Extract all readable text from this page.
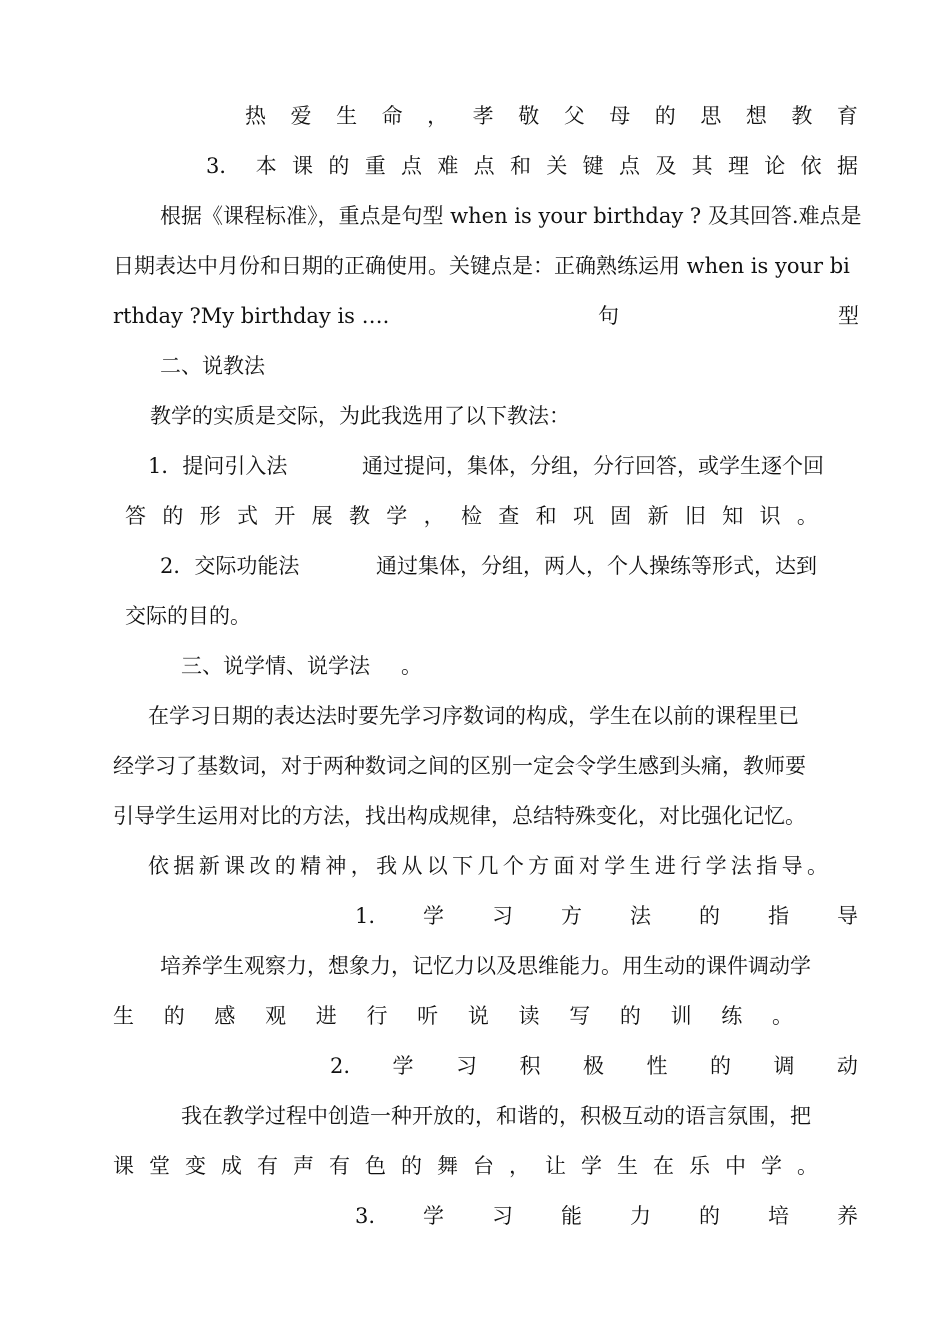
热 爱 生 命 ， 孝 敬 父 母 的 思 想 教 育
3． 本 课 的 重 点 难 点 和 关 键 点 及 其 理 论 依 据
根据《课程标准》，重点是句型 when is your birthday ? 及其回答.难点是
日期表达中月份和日期的正确使用。关键点是：正确熟练运用 when is your bi
rthday ?My birthday is ….	句	型
二、说教法
教学的实质是交际，为此我选用了以下教法：
1．提问引入法	通过提问，集体，分组，分行回答，或学生逐个回
答 的 形 式 开 展 教 学 ， 检 查 和 巩 固 新 旧 知 识 。
2．交际功能法	通过集体，分组，两人，个人操练等形式，达到
交际的目的。
三、说学情、说学法 。
在学习日期的表达法时要先学习序数词的构成，学生在以前的课程里已
经学习了基数词，对于两种数词之间的区别一定会令学生感到头痛，教师要
引导学生运用对比的方法，找出构成规律，总结特殊变化，对比强化记忆。
依 据 新 课 改 的 精 神 ， 我 从 以 下 几 个 方 面 对 学 生 进 行 学 法 指 导 。
1. 学 习 方 法 的 指 导
培养学生观察力，想象力，记忆力以及思维能力。用生动的课件调动学
生 的 感 观 进 行 听 说 读 写 的 训 练 。
2. 学 习 积 极 性 的 调 动
我在教学过程中创造一种开放的，和谐的，积极互动的语言氛围，把
课 堂 变 成 有 声 有 色 的 舞 台 ， 让 学 生 在 乐 中 学 。
3. 学 习 能 力 的 培 养
